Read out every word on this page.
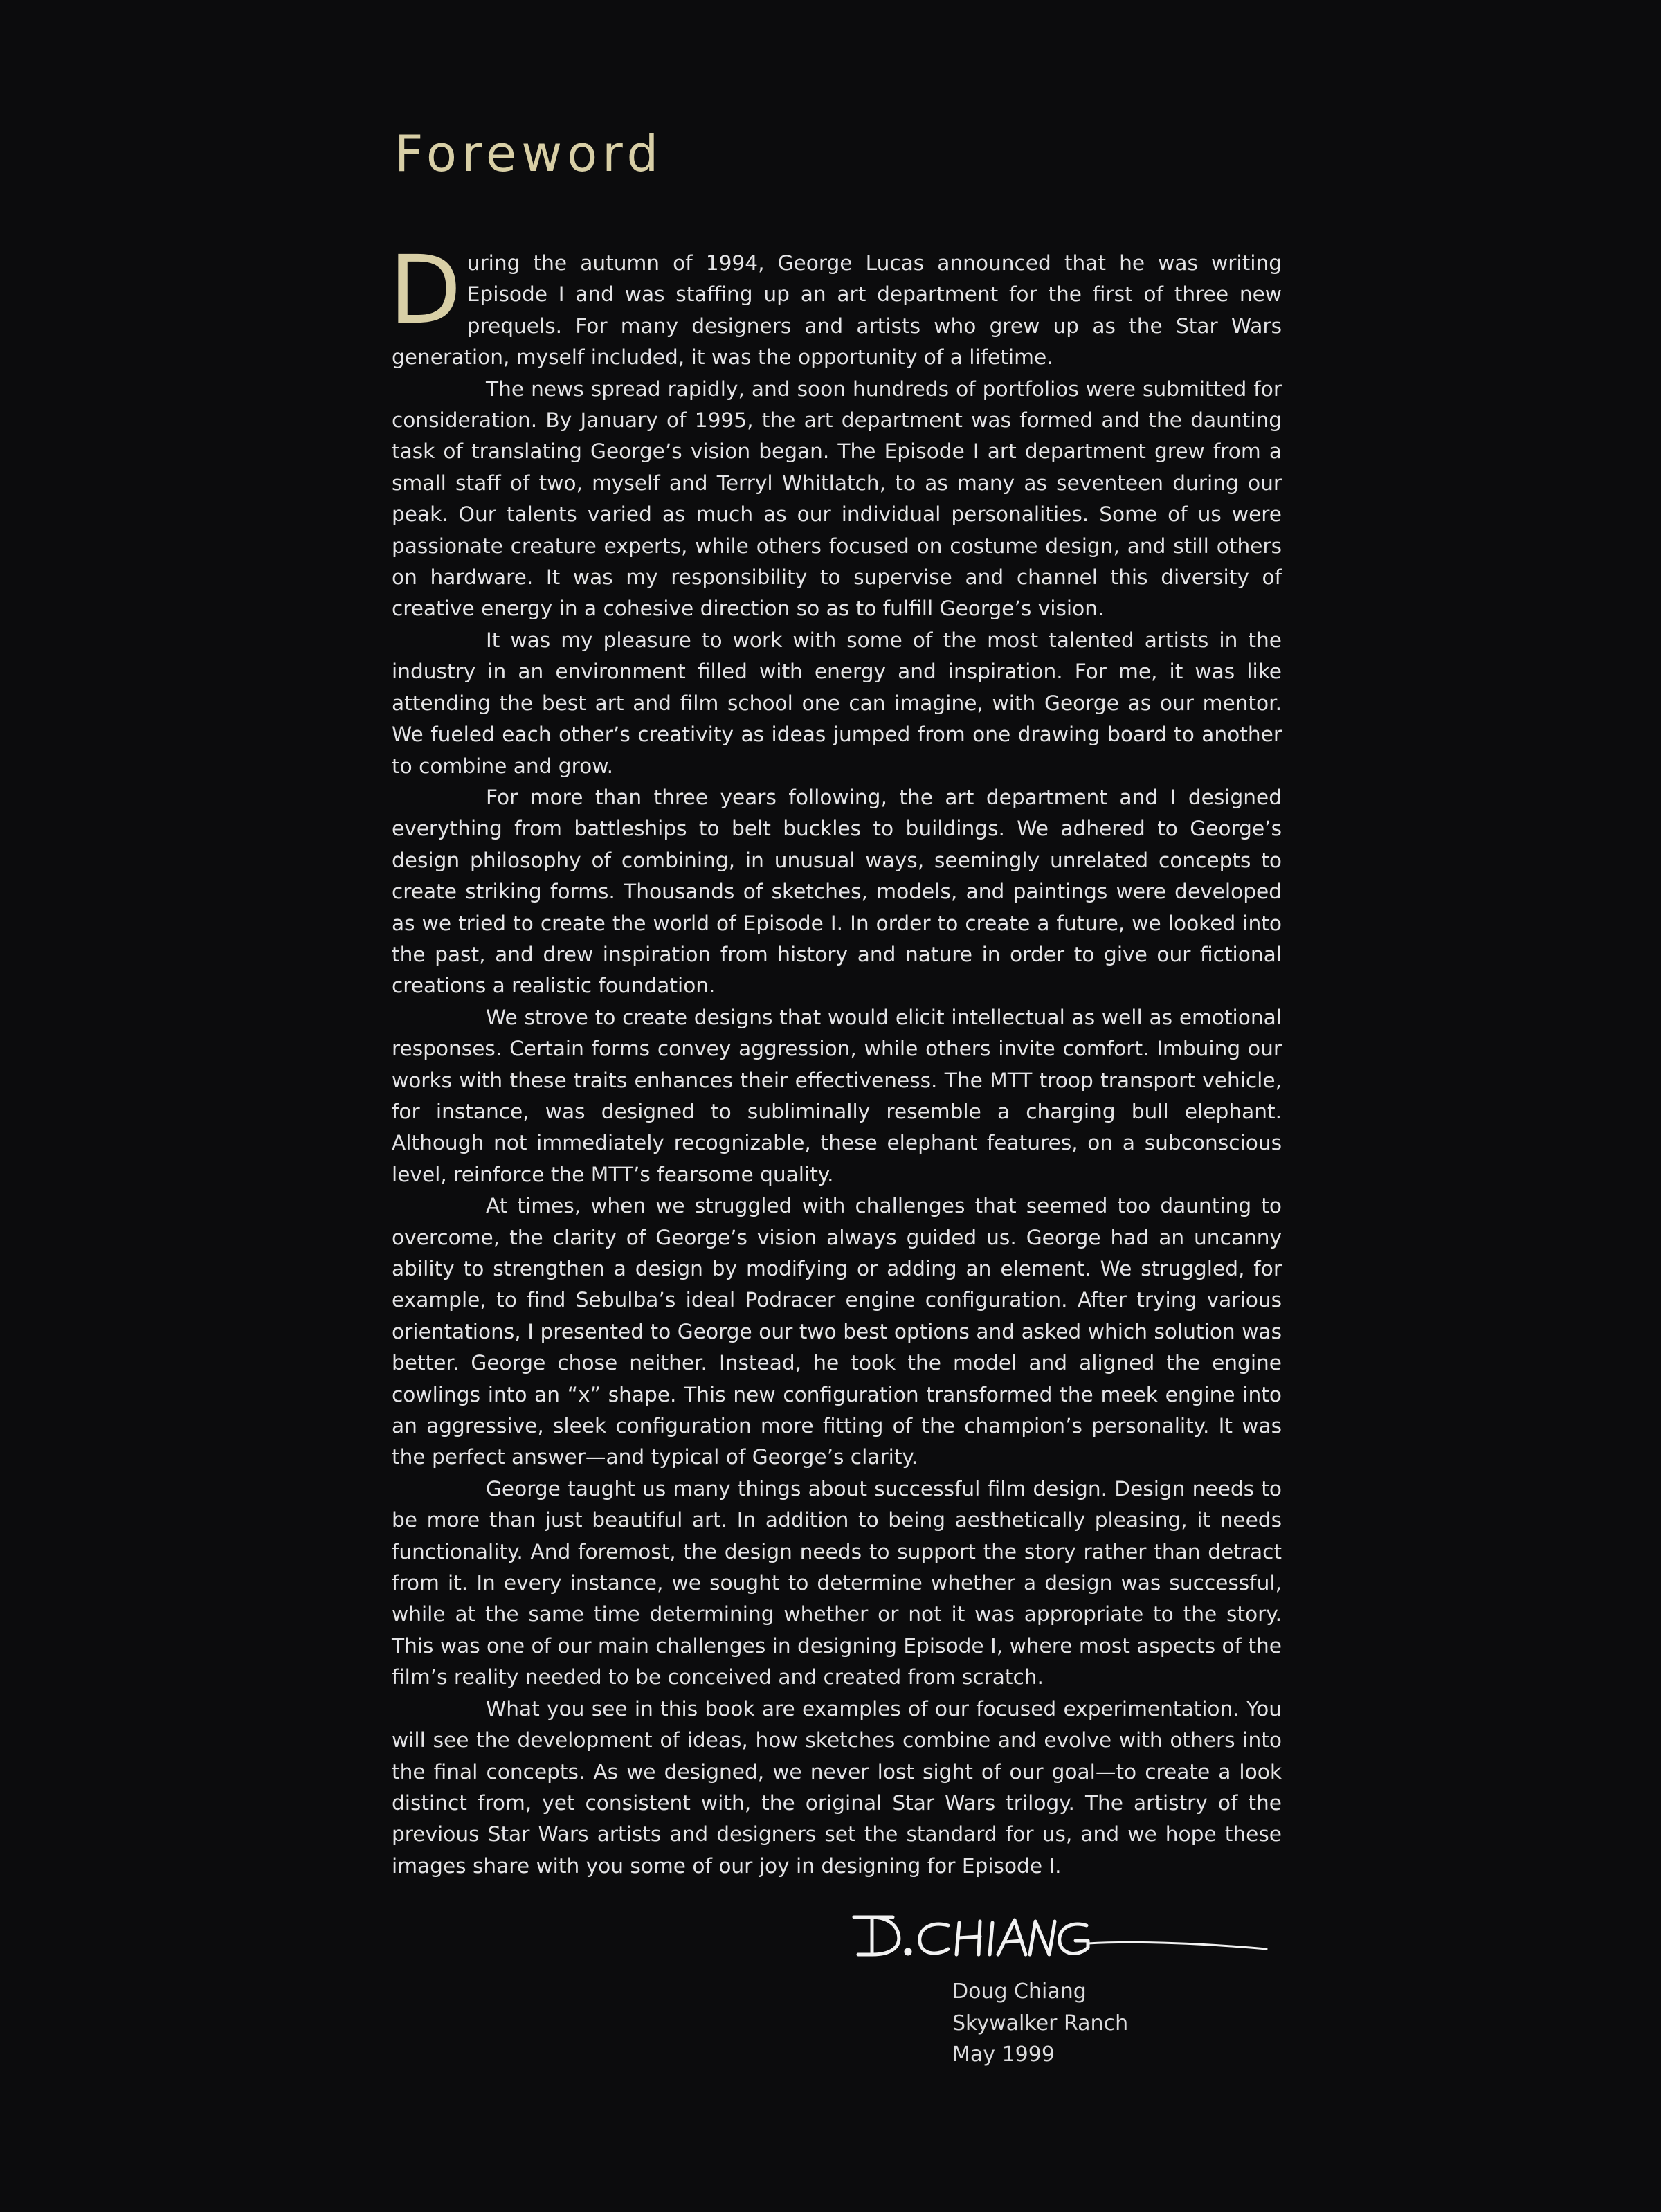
Foreword

During the autumn of 1994, George Lucas announced that he was writing Episode I and was staffing up an art department for the first of three new prequels. For many designers and artists who grew up as the Star Wars generation, myself included, it was the opportunity of a lifetime.

The news spread rapidly, and soon hundreds of portfolios were submitted for consideration. By January of 1995, the art department was formed and the daunting task of translating George’s vision began. The Episode I art department grew from a small staff of two, myself and Terryl Whitlatch, to as many as seventeen during our peak. Our talents varied as much as our individual personalities. Some of us were passionate creature experts, while others focused on costume design, and still others on hardware. It was my responsibility to supervise and channel this diversity of creative energy in a cohesive direction so as to fulfill George’s vision.

It was my pleasure to work with some of the most talented artists in the industry in an environment filled with energy and inspiration. For me, it was like attending the best art and film school one can imagine, with George as our mentor. We fueled each other’s creativity as ideas jumped from one drawing board to another to combine and grow.

For more than three years following, the art department and I designed everything from battleships to belt buckles to buildings. We adhered to George’s design philosophy of combining, in unusual ways, seemingly unrelated concepts to create striking forms. Thousands of sketches, models, and paintings were developed as we tried to create the world of Episode I. In order to create a future, we looked into the past, and drew inspiration from history and nature in order to give our fictional creations a realistic foundation.

We strove to create designs that would elicit intellectual as well as emotional responses. Certain forms convey aggression, while others invite comfort. Imbuing our works with these traits enhances their effectiveness. The MTT troop transport vehicle, for instance, was designed to subliminally resemble a charging bull elephant. Although not immediately recognizable, these elephant features, on a subconscious level, reinforce the MTT’s fearsome quality.

At times, when we struggled with challenges that seemed too daunting to overcome, the clarity of George’s vision always guided us. George had an uncanny ability to strengthen a design by modifying or adding an element. We struggled, for example, to find Sebulba’s ideal Podracer engine configuration. After trying various orientations, I presented to George our two best options and asked which solution was better. George chose neither. Instead, he took the model and aligned the engine cowlings into an “x” shape. This new configuration transformed the meek engine into an aggressive, sleek configuration more fitting of the champion’s personality. It was the perfect answer—and typical of George’s clarity.

George taught us many things about successful film design. Design needs to be more than just beautiful art. In addition to being aesthetically pleasing, it needs functionality. And foremost, the design needs to support the story rather than detract from it. In every instance, we sought to determine whether a design was successful, while at the same time determining whether or not it was appropriate to the story. This was one of our main challenges in designing Episode I, where most aspects of the film’s reality needed to be conceived and created from scratch.

What you see in this book are examples of our focused experimentation. You will see the development of ideas, how sketches combine and evolve with others into the final concepts. As we designed, we never lost sight of our goal—to create a look distinct from, yet consistent with, the original Star Wars trilogy. The artistry of the previous Star Wars artists and designers set the standard for us, and we hope these images share with you some of our joy in designing for Episode I.

Doug Chiang
Skywalker Ranch
May 1999
